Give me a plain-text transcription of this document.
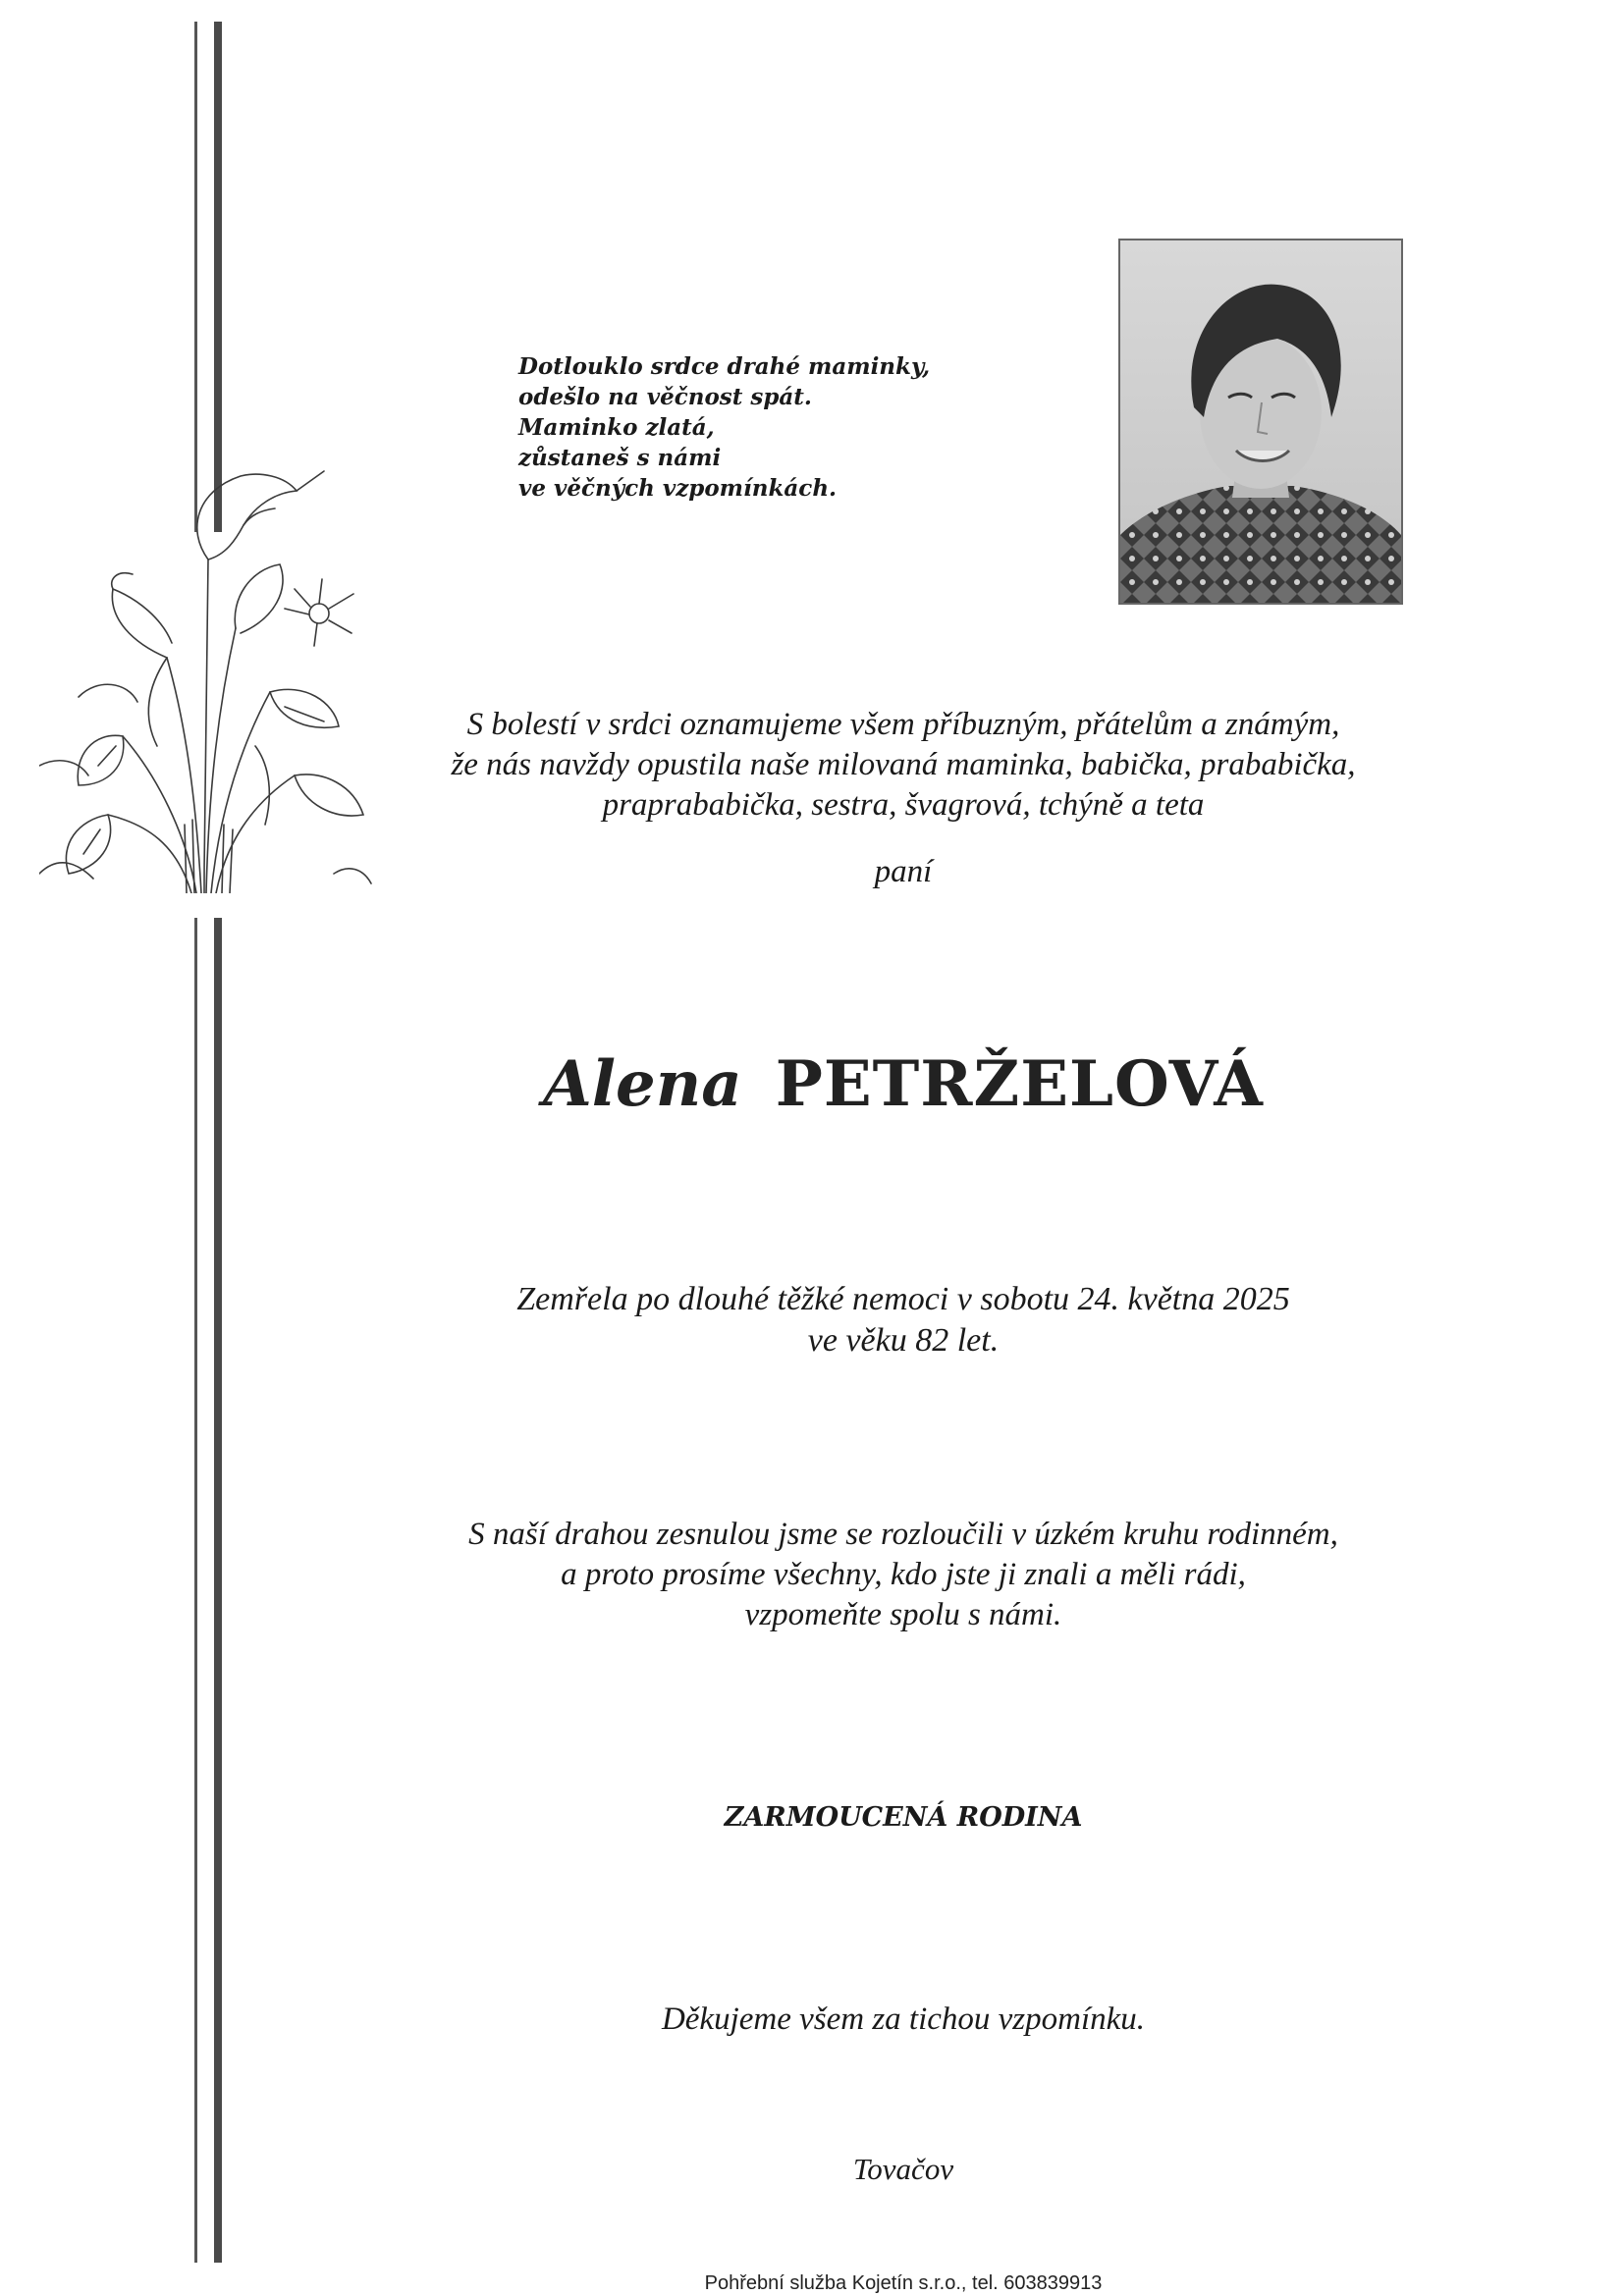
Dotlouklo srdce drahé maminky,
odešlo na věčnost spát.
Maminko zlatá,
zůstaneš s námi
ve věčných vzpomínkách.
S bolestí v srdci oznamujeme všem příbuzným, přátelům a známým,
že nás navždy opustila naše milovaná maminka, babička, prababička,
praprababička, sestra, švagrová, tchýně a teta
paní
Alena PETRŽELOVÁ
Zemřela po dlouhé těžké nemoci v sobotu 24. května 2025
ve věku 82 let.
S naší drahou zesnulou jsme se rozloučili v úzkém kruhu rodinném,
a proto prosíme všechny, kdo jste ji znali a měli rádi,
vzpomeňte spolu s námi.
ZARMOUCENÁ RODINA
Děkujeme všem za tichou vzpomínku.
Tovačov
Pohřební služba Kojetín s.r.o., tel. 603839913
